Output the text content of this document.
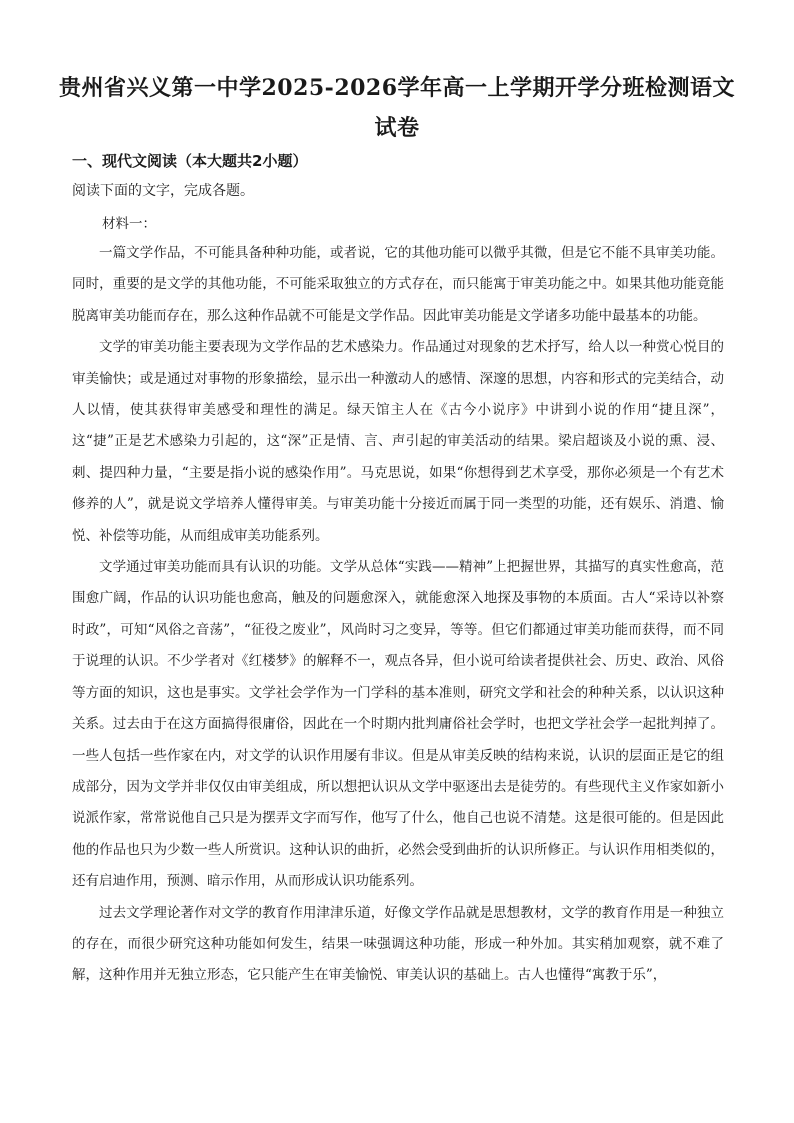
贵州省兴义第一中学2025-2026学年高一上学期开学分班检测语文试卷
一、现代文阅读（本大题共2小题）
阅读下面的文字，完成各题。
材料一：

一篇文学作品，不可能具备种种功能，或者说，它的其他功能可以微乎其微，但是它不能不具审美功能。同时，重要的是文学的其他功能，不可能采取独立的方式存在，而只能寓于审美功能之中。如果其他功能竟能脱离审美功能而存在，那么这种作品就不可能是文学作品。因此审美功能是文学诸多功能中最基本的功能。

文学的审美功能主要表现为文学作品的艺术感染力。作品通过对现象的艺术抒写，给人以一种赏心悦目的审美愉快；或是通过对事物的形象描绘，显示出一种激动人的感情、深邃的思想，内容和形式的完美结合，动人以情，使其获得审美感受和理性的满足。绿天馆主人在《古今小说序》中讲到小说的作用“捷且深”，这“捷”正是艺术感染力引起的，这“深”正是情、言、声引起的审美活动的结果。梁启超谈及小说的熏、浸、刺、提四种力量，“主要是指小说的感染作用”。马克思说，如果“你想得到艺术享受，那你必须是一个有艺术修养的人”，就是说文学培养人懂得审美。与审美功能十分接近而属于同一类型的功能，还有娱乐、消遣、愉悦、补偿等功能，从而组成审美功能系列。

文学通过审美功能而具有认识的功能。文学从总体“实践——精神”上把握世界，其描写的真实性愈高，范围愈广阔，作品的认识功能也愈高，触及的问题愈深入，就能愈深入地探及事物的本质面。古人“采诗以补察时政”，可知“风俗之音荡”，“征役之废业”，风尚时习之变异，等等。但它们都通过审美功能而获得，而不同于说理的认识。不少学者对《红楼梦》的解释不一，观点各异，但小说可给读者提供社会、历史、政治、风俗等方面的知识，这也是事实。文学社会学作为一门学科的基本准则，研究文学和社会的种种关系，以认识这种关系。过去由于在这方面搞得很庸俗，因此在一个时期内批判庸俗社会学时，也把文学社会学一起批判掉了。一些人包括一些作家在内，对文学的认识作用屡有非议。但是从审美反映的结构来说，认识的层面正是它的组成部分，因为文学并非仅仅由审美组成，所以想把认识从文学中驱逐出去是徒劳的。有些现代主义作家如新小说派作家，常常说他自己只是为摆弄文字而写作，他写了什么，他自己也说不清楚。这是很可能的。但是因此他的作品也只为少数一些人所赏识。这种认识的曲折，必然会受到曲折的认识所修正。与认识作用相类似的，还有启迪作用，预测、暗示作用，从而形成认识功能系列。

过去文学理论著作对文学的教育作用津津乐道，好像文学作品就是思想教材，文学的教育作用是一种独立的存在，而很少研究这种功能如何发生，结果一味强调这种功能，形成一种外加。其实稍加观察，就不难了解，这种作用并无独立形态，它只能产生在审美愉悦、审美认识的基础上。古人也懂得“寓教于乐”，
